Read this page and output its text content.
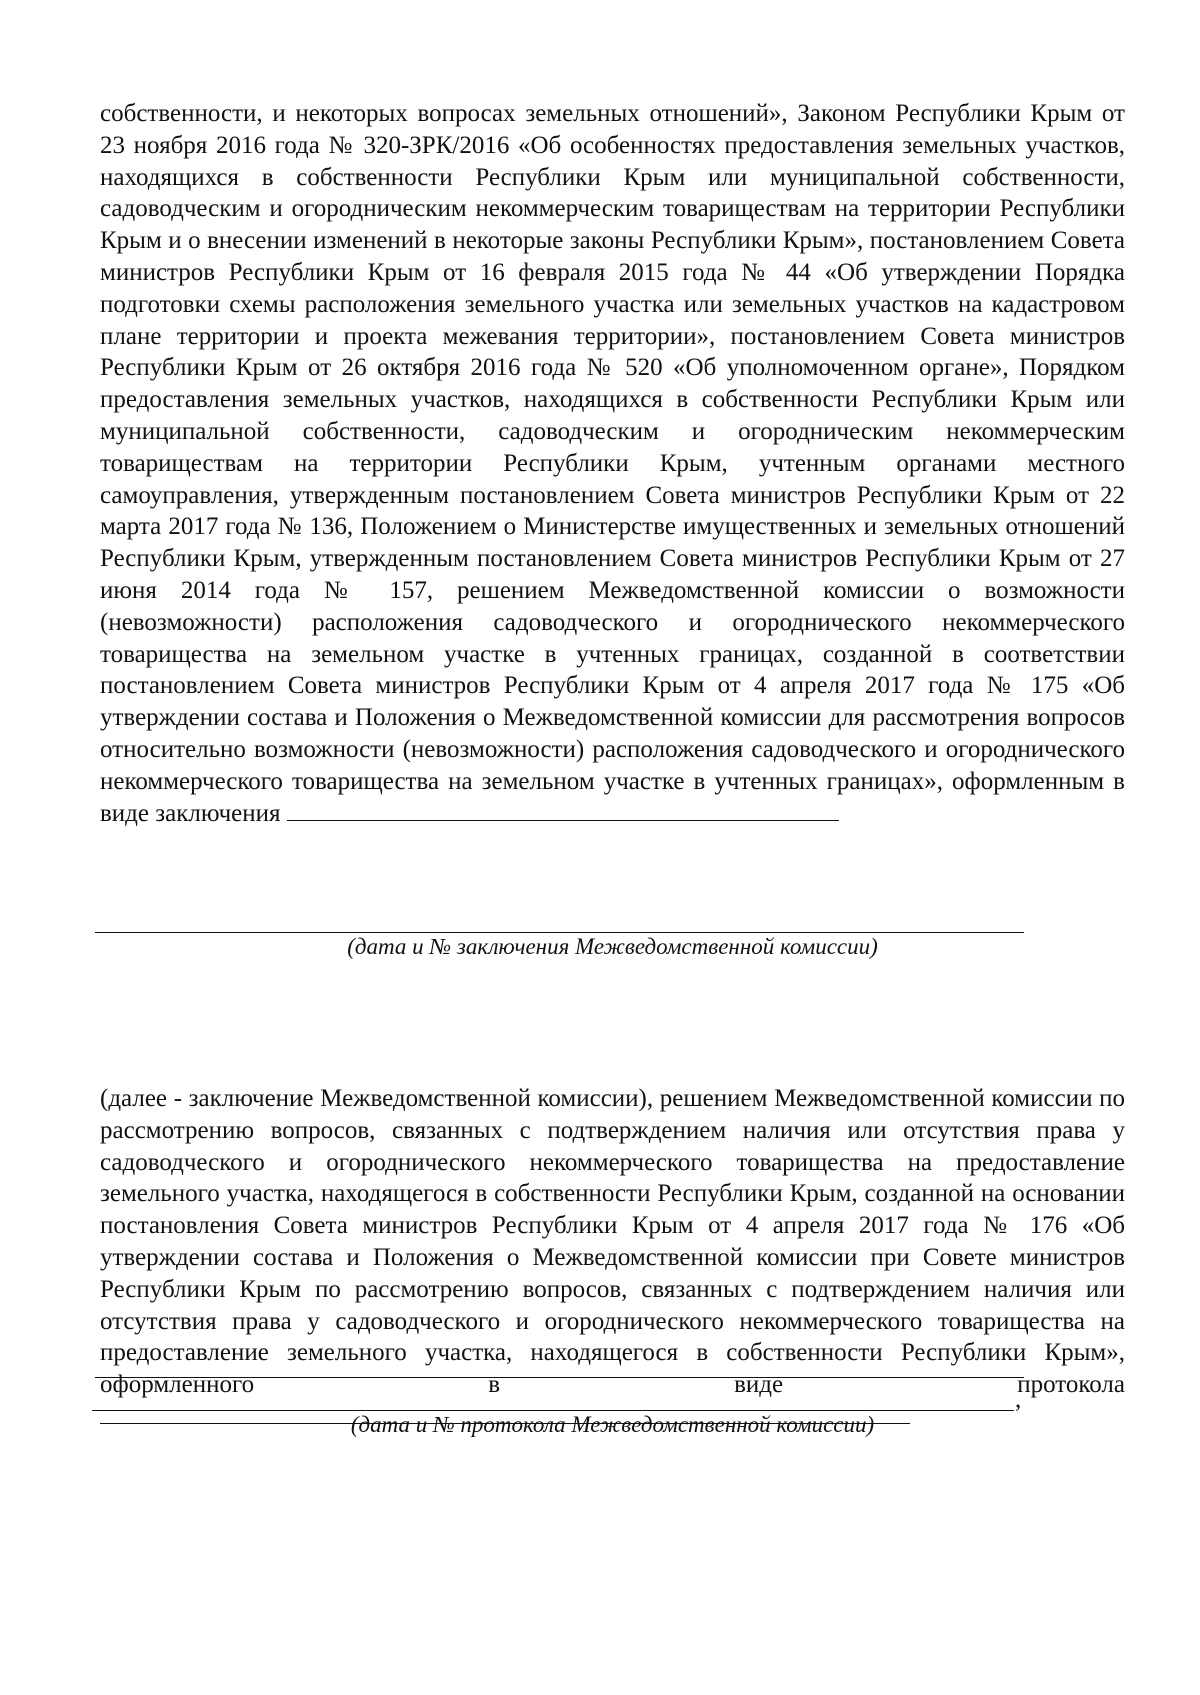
собственности, и некоторых вопросах земельных отношений», Законом Республики Крым от 23 ноября 2016 года № 320-ЗРК/2016 «Об особенностях предоставления земельных участков, находящихся в собственности Республики Крым или муниципальной собственности, садоводческим и огородническим некоммерческим товариществам на территории Республики Крым и о внесении изменений в некоторые законы Республики Крым», постановлением Совета министров Республики Крым от 16 февраля 2015 года № 44 «Об утверждении Порядка подготовки схемы расположения земельного участка или земельных участков на кадастровом плане территории и проекта межевания территории», постановлением Совета министров Республики Крым от 26 октября 2016 года № 520 «Об уполномоченном органе», Порядком предоставления земельных участков, находящихся в собственности Республики Крым или муниципальной собственности, садоводческим и огородническим некоммерческим товариществам на территории Республики Крым, учтенным органами местного самоуправления, утвержденным постановлением Совета министров Республики Крым от 22 марта 2017 года № 136, Положением о Министерстве имущественных и земельных отношений Республики Крым, утвержденным постановлением Совета министров Республики Крым от 27 июня 2014 года № 157, решением Межведомственной комиссии о возможности (невозможности) расположения садоводческого и огороднического некоммерческого товарищества на земельном участке в учтенных границах, созданной в соответствии постановлением Совета министров Республики Крым от 4 апреля 2017 года № 175 «Об утверждении состава и Положения о Межведомственной комиссии для рассмотрения вопросов относительно возможности (невозможности) расположения садоводческого и огороднического некоммерческого товарищества на земельном участке в учтенных границах», оформленным в виде заключения

(дата и № заключения Межведомственной комиссии)

(далее - заключение Межведомственной комиссии), решением Межведомственной комиссии по рассмотрению вопросов, связанных с подтверждением наличия или отсутствия права у садоводческого и огороднического некоммерческого товарищества на предоставление земельного участка, находящегося в собственности Республики Крым, созданной на основании постановления Совета министров Республики Крым от 4 апреля 2017 года № 176 «Об утверждении состава и Положения о Межведомственной комиссии при Совете министров Республики Крым по рассмотрению вопросов, связанных с подтверждением наличия или отсутствия права у садоводческого и огороднического некоммерческого товарищества на предоставление земельного участка, находящегося в собственности Республики Крым», оформленного в виде	протокола

,

(дата и № протокола Межведомственной комиссии)
